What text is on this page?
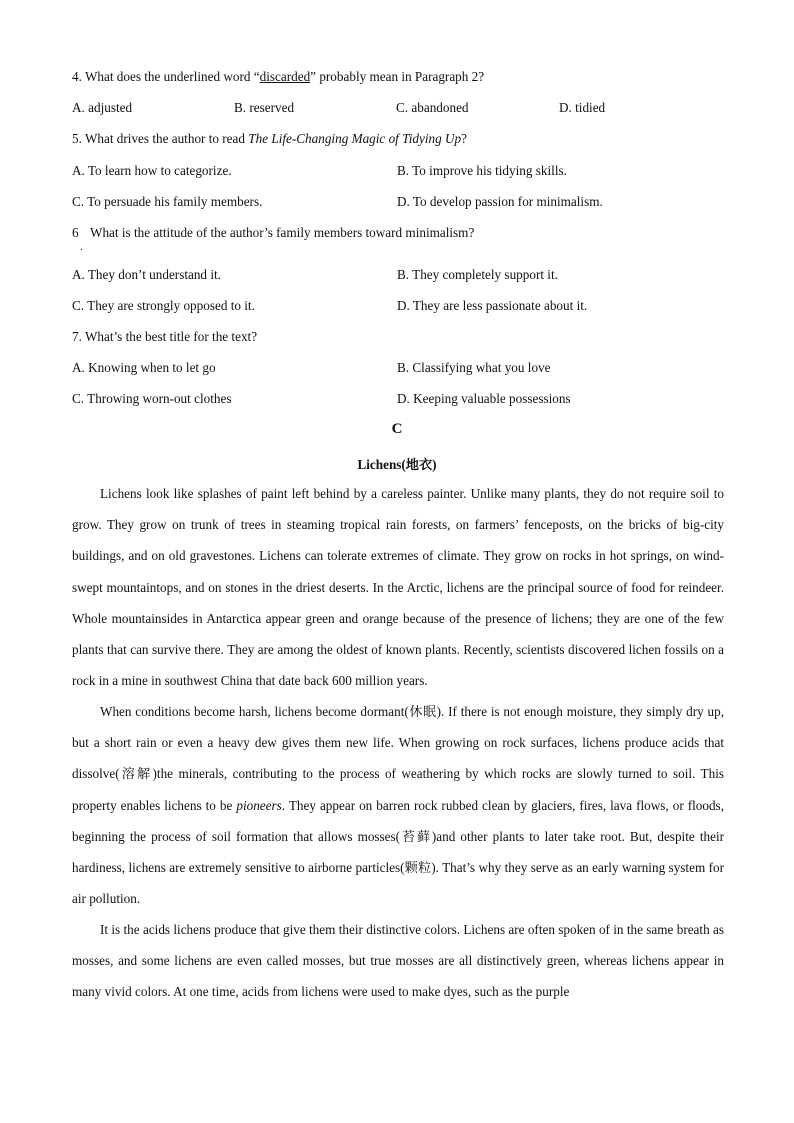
4. What does the underlined word “discarded” probably mean in Paragraph 2?
A. adjusted	B. reserved	C. abandoned	D. tidied
5. What drives the author to read The Life-Changing Magic of Tidying Up?
A. To learn how to categorize.	B. To improve his tidying skills.
C. To persuade his family members.	D. To develop passion for minimalism.
6
.
What is the attitude of the author’s family members toward minimalism?
A. They don’t understand it.	B. They completely support it.
C. They are strongly opposed to it.	D. They are less passionate about it.
7. What’s the best title for the text?
A. Knowing when to let go	B. Classifying what you love
C. Throwing worn-out clothes	D. Keeping valuable possessions
C
Lichens(地衣)

Lichens look like splashes of paint left behind by a careless painter. Unlike many plants, they do not require soil to grow. They grow on trunk of trees in steaming tropical rain forests, on farmers’ fenceposts, on the bricks of big-city buildings, and on old gravestones. Lichens can tolerate extremes of climate. They grow on rocks in hot springs, on wind-swept mountaintops, and on stones in the driest deserts. In the Arctic, lichens are the principal source of food for reindeer. Whole mountainsides in Antarctica appear green and orange because of the presence of lichens; they are one of the few plants that can survive there. They are among the oldest of known plants. Recently, scientists discovered lichen fossils on a rock in a mine in southwest China that date back 600 million years.

When conditions become harsh, lichens become dormant(休眠). If there is not enough moisture, they simply dry up, but a short rain or even a heavy dew gives them new life. When growing on rock surfaces, lichens produce acids that dissolve(溶解)the minerals, contributing to the process of weathering by which rocks are slowly turned to soil. This property enables lichens to be pioneers. They appear on barren rock rubbed clean by glaciers, fires, lava flows, or floods, beginning the process of soil formation that allows mosses(苔藓)and other plants to later take root. But, despite their hardiness, lichens are extremely sensitive to airborne particles(颗粒). That’s why they serve as an early warning system for air pollution.

It is the acids lichens produce that give them their distinctive colors. Lichens are often spoken of in the same breath as mosses, and some lichens are even called mosses, but true mosses are all distinctively green, whereas lichens appear in many vivid colors. At one time, acids from lichens were used to make dyes, such as the purple
